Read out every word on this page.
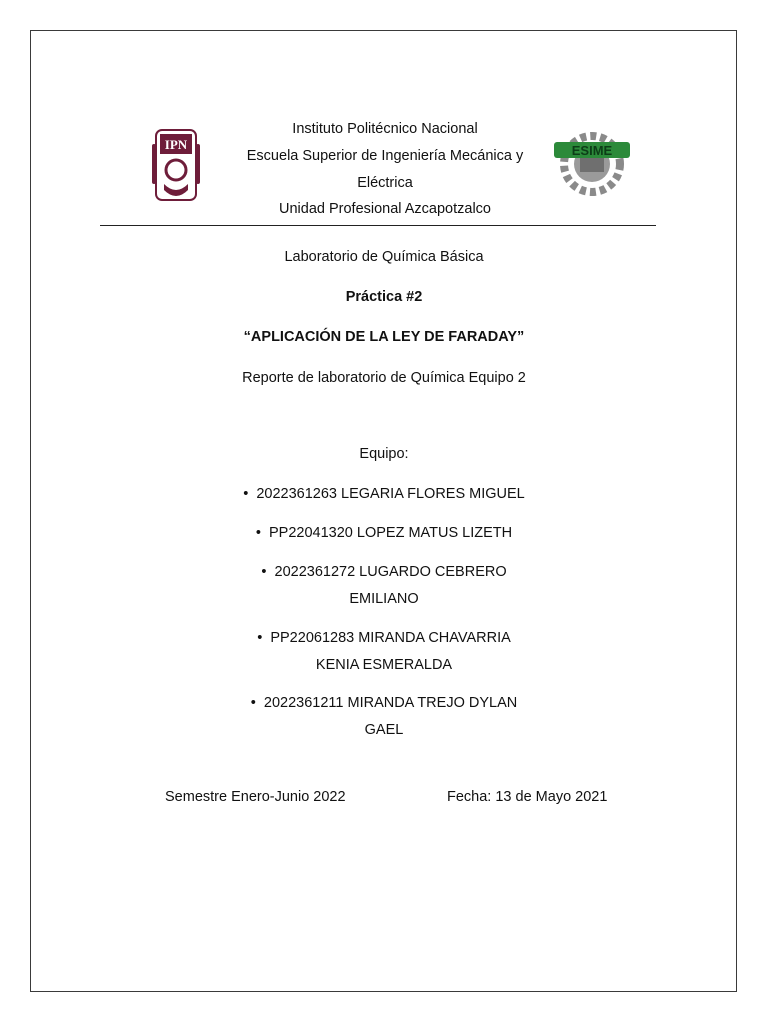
IPN	ESIME
Instituto Politécnico Nacional
Escuela Superior de Ingeniería Mecánica y
Eléctrica
Unidad Profesional Azcapotzalco
Laboratorio de Química Básica
Práctica #2
“APLICACIÓN DE LA LEY DE FARADAY”
Reporte de laboratorio de Química Equipo 2
Equipo:
• 2022361263 LEGARIA FLORES MIGUEL
• PP22041320 LOPEZ MATUS LIZETH
• 2022361272 LUGARDO CEBRERO
EMILIANO
• PP22061283 MIRANDA CHAVARRIA
KENIA ESMERALDA
• 2022361211 MIRANDA TREJO DYLAN
GAEL
Semestre Enero-Junio 2022	Fecha: 13 de Mayo 2021
